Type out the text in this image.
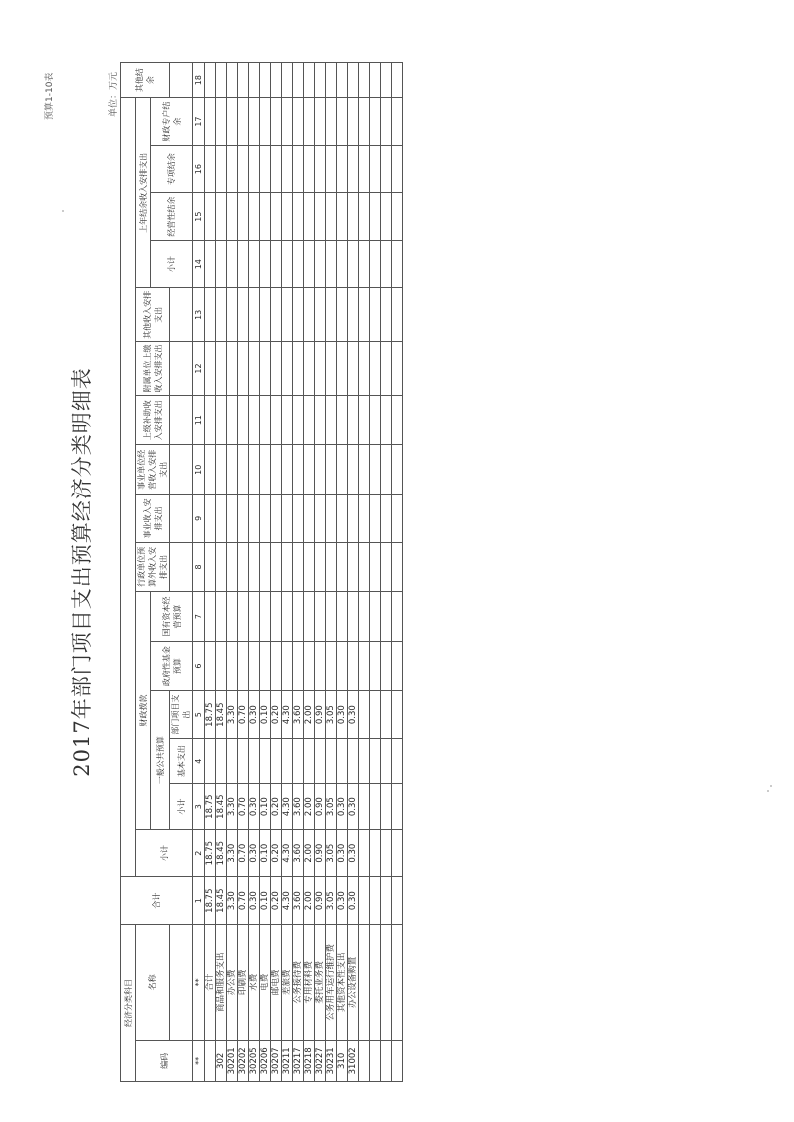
预算1-10表
2017年部门项目支出预算经济分类明细表
单位：万元
经济分类科目		合计																	其他结余
编码	名称		小计	财政拨款					行政单位预算外收入安排支出	事业收入安排支出	事业单位经营收入安排支出	上级补助收入安排支出	附属单位上缴收入安排支出	其他收入安排支出	上年结余收入安排支出				
				一般公共预算			政府性基金预算	国有资本经营预算							小计	经营性结余	专项结余	财政专户结余	
				小计	基本支出	部门项目支出													
**	**	1	2	3	4	5	6	7	8	9	10	11	12	13	14	15	16	17	18
	合计	18.75	18.75	18.75		18.75													
302	商品和服务支出	18.45	18.45	18.45		18.45													
30201	办公费	3.30	3.30	3.30		3.30													
30202	印刷费	0.70	0.70	0.70		0.70													
30205	水费	0.30	0.30	0.30		0.30													
30206	电费	0.10	0.10	0.10		0.10													
30207	邮电费	0.20	0.20	0.20		0.20													
30211	差旅费	4.30	4.30	4.30		4.30													
30217	公务接待费	3.60	3.60	3.60		3.60													
30218	专用材料费	2.00	2.00	2.00		2.00													
30227	委托业务费	0.90	0.90	0.90		0.90													
30231	公务用车运行维护费	3.05	3.05	3.05		3.05													
310	其他资本性支出	0.30	0.30	0.30		0.30													
31002	办公设备购置	0.30	0.30	0.30		0.30													
